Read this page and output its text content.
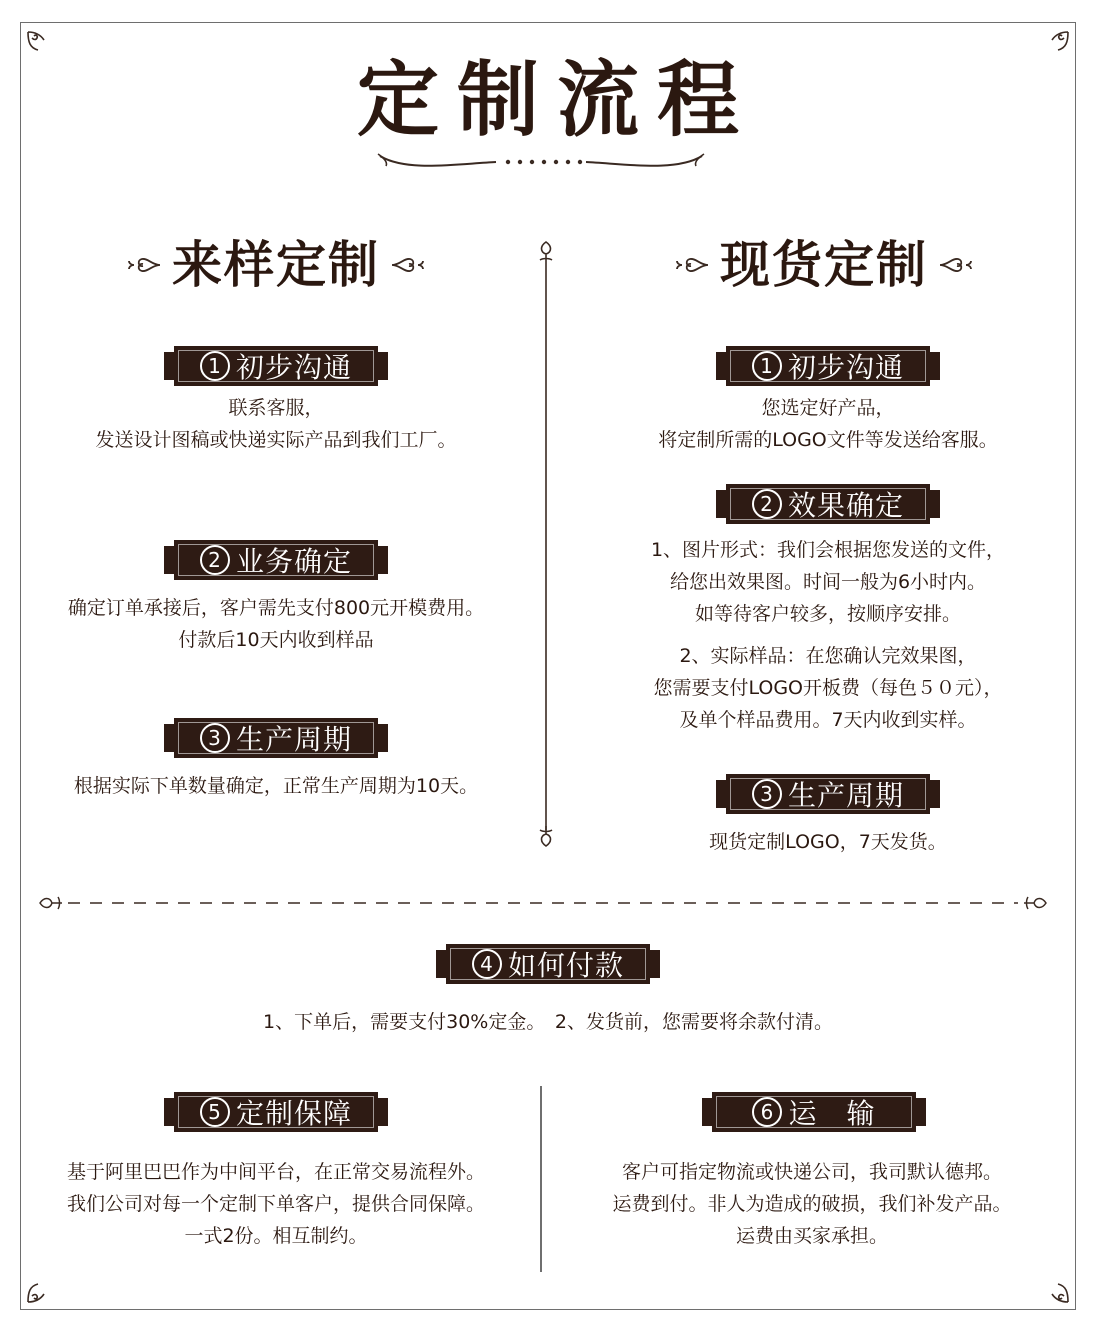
定制流程
来样定制	现货定制
1 初步沟通
联系客服，
发送设计图稿或快递实际产品到我们工厂。
2 业务确定
确定订单承接后，客户需先支付800元开模费用。
付款后10天内收到样品
3 生产周期
根据实际下单数量确定，正常生产周期为10天。
1 初步沟通
您选定好产品，
将定制所需的LOGO文件等发送给客服。
2 效果确定
1、图片形式：我们会根据您发送的文件，
给您出效果图。时间一般为6小时内。
如等待客户较多，按顺序安排。
2、实际样品：在您确认完效果图，
您需要支付LOGO开板费（每色５０元），
及单个样品费用。7天内收到实样。
3 生产周期
现货定制LOGO，7天发货。
4 如何付款
1、下单后，需要支付30%定金。　2、发货前，您需要将余款付清。
5 定制保障
基于阿里巴巴作为中间平台，在正常交易流程外。
我们公司对每一个定制下单客户，提供合同保障。
一式2份。相互制约。
6 运　输
客户可指定物流或快递公司，我司默认德邦。
运费到付。非人为造成的破损，我们补发产品。
运费由买家承担。
